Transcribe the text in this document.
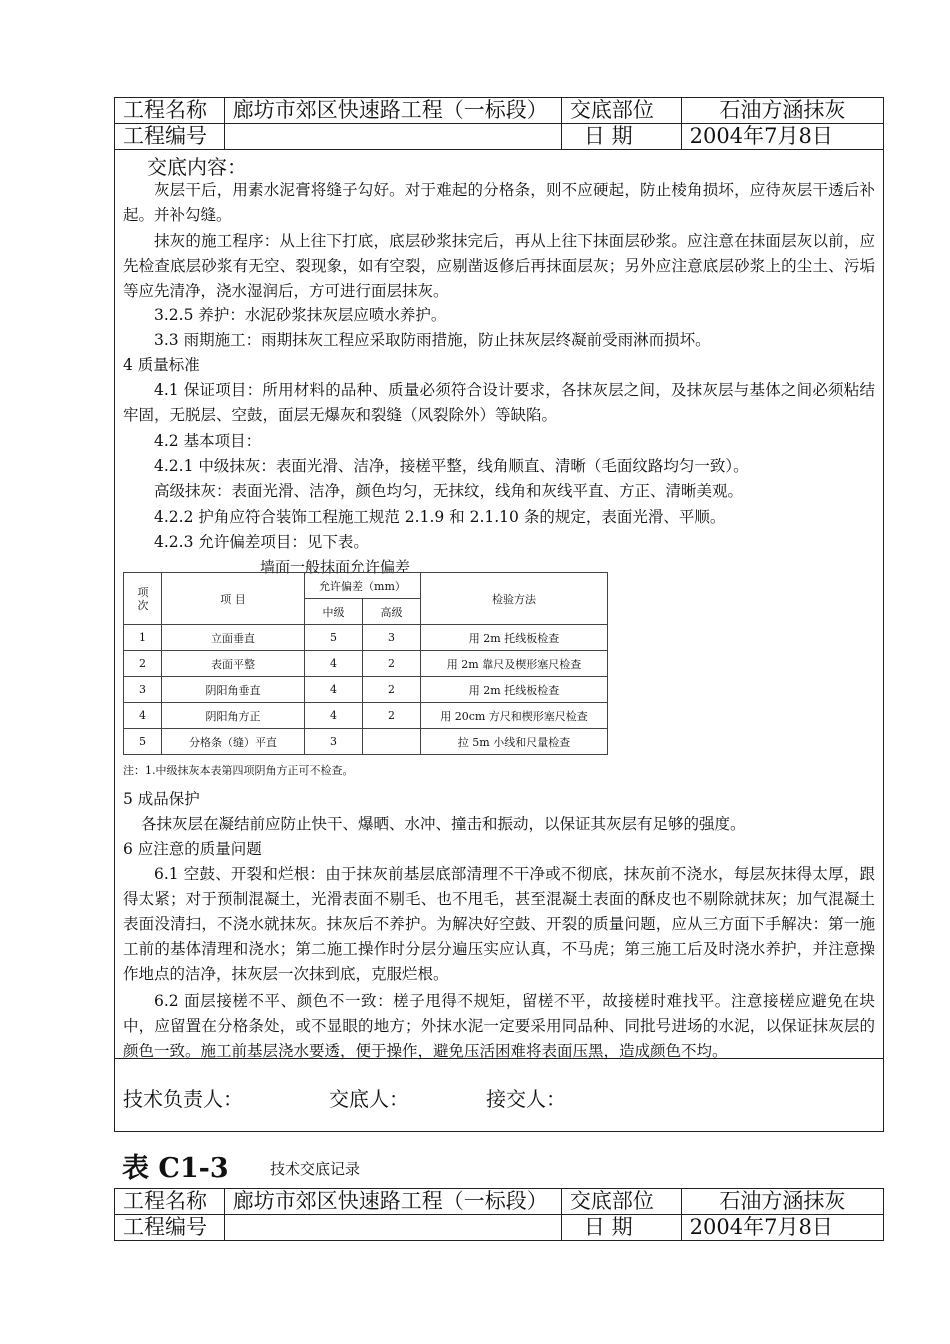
工程名称	廊坊市郊区快速路工程（一标段）	交底部位	石油方涵抹灰
工程编号		日 期	2004年7月8日
交底内容：
灰层干后，用素水泥膏将缝子勾好。对于难起的分格条，则不应硬起，防止棱角损坏，应待灰层干透后补起。并补勾缝。
抹灰的施工程序：从上往下打底，底层砂浆抹完后，再从上往下抹面层砂浆。应注意在抹面层灰以前，应先检查底层砂浆有无空、裂现象，如有空裂，应剔凿返修后再抹面层灰；另外应注意底层砂浆上的尘土、污垢等应先清净，浇水湿润后，方可进行面层抹灰。
3.2.5 养护：水泥砂浆抹灰层应喷水养护。
3.3 雨期施工：雨期抹灰工程应采取防雨措施，防止抹灰层终凝前受雨淋而损坏。
4 质量标准
4.1 保证项目：所用材料的品种、质量必须符合设计要求，各抹灰层之间，及抹灰层与基体之间必须粘结牢固，无脱层、空鼓，面层无爆灰和裂缝（风裂除外）等缺陷。
4.2 基本项目：
4.2.1 中级抹灰：表面光滑、洁净，接槎平整，线角顺直、清晰（毛面纹路均匀一致）。
高级抹灰：表面光滑、洁净，颜色均匀，无抹纹，线角和灰线平直、方正、清晰美观。
4.2.2 护角应符合装饰工程施工规范 2.1.9 和 2.1.10 条的规定，表面光滑、平顺。
4.2.3 允许偏差项目：见下表。
墙面一般抹面允许偏差
项次	项 目	允许偏差（mm）		检验方法
		中级	高级	
1	立面垂直	5	3	用 2m 托线板检查
2	表面平整	4	2	用 2m 靠尺及楔形塞尺检查
3	阴阳角垂直	4	2	用 2m 托线板检查
4	阴阳角方正	4	2	用 20cm 方尺和楔形塞尺检查
5	分格条（缝）平直	3		拉 5m 小线和尺量检查
注：1.中级抹灰本表第四项阴角方正可不检查。
5 成品保护
各抹灰层在凝结前应防止快干、爆晒、水冲、撞击和振动，以保证其灰层有足够的强度。
6 应注意的质量问题
6.1 空鼓、开裂和烂根：由于抹灰前基层底部清理不干净或不彻底，抹灰前不浇水，每层灰抹得太厚，跟得太紧；对于预制混凝土，光滑表面不剔毛、也不甩毛，甚至混凝土表面的酥皮也不剔除就抹灰；加气混凝土表面没清扫，不浇水就抹灰。抹灰后不养护。为解决好空鼓、开裂的质量问题，应从三方面下手解决：第一施工前的基体清理和浇水；第二施工操作时分层分遍压实应认真，不马虎；第三施工后及时浇水养护，并注意操作地点的洁净，抹灰层一次抹到底，克服烂根。
6.2 面层接槎不平、颜色不一致：槎子甩得不规矩，留槎不平，故接槎时难找平。注意接槎应避免在块中，应留置在分格条处，或不显眼的地方；外抹水泥一定要采用同品种、同批号进场的水泥，以保证抹灰层的颜色一致。施工前基层浇水要透，便于操作，避免压活困难将表面压黑，造成颜色不均。
技术负责人：	交底人：	接交人：
表 C1-3	技术交底记录
工程名称	廊坊市郊区快速路工程（一标段）	交底部位	石油方涵抹灰
工程编号		日 期	2004年7月8日
